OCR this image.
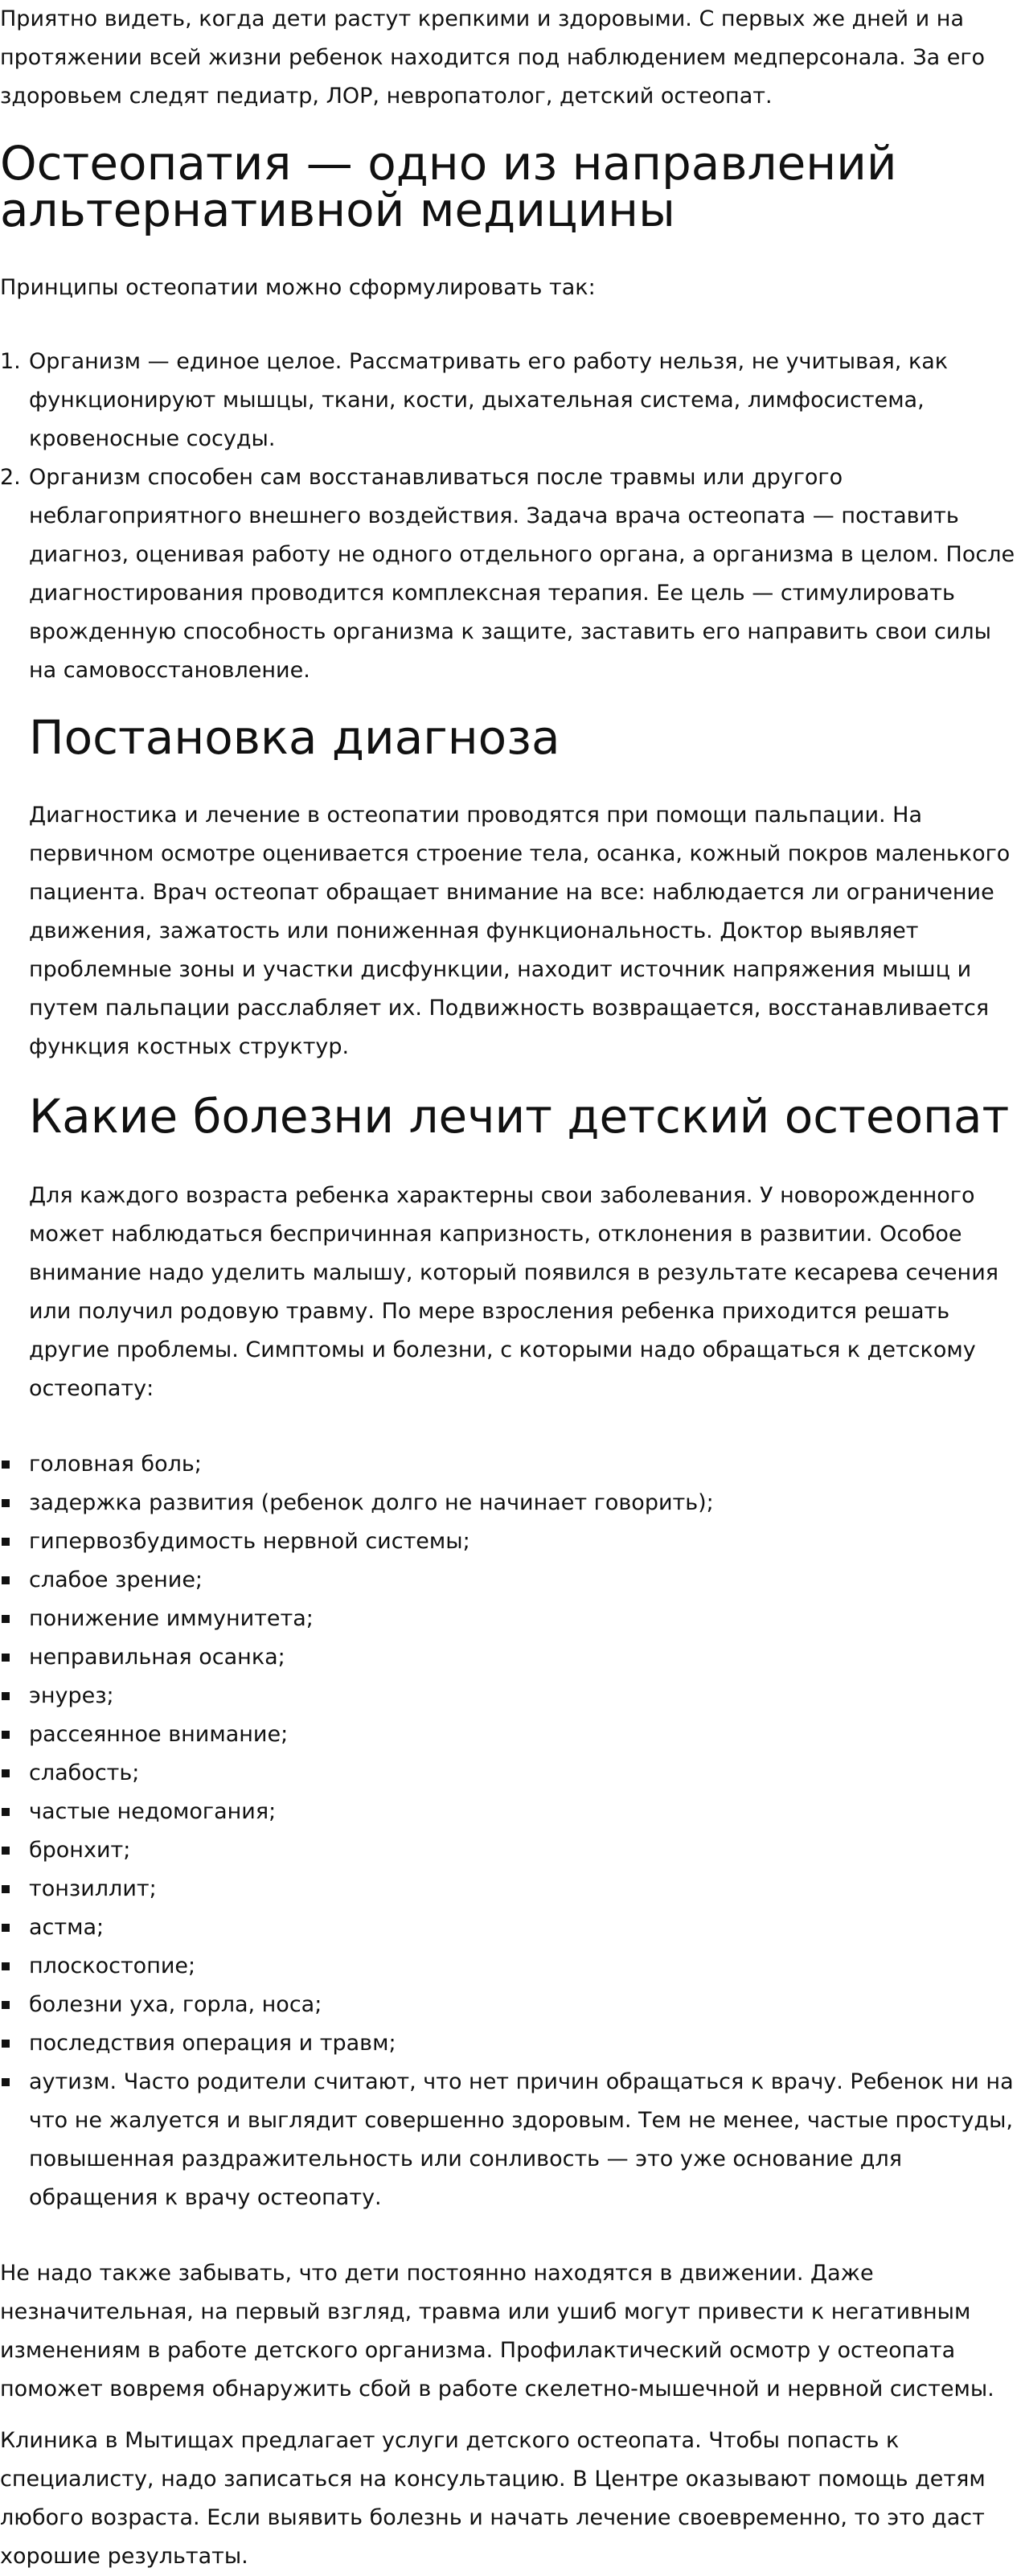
Приятно видеть, когда дети растут крепкими и здоровыми. С первых же дней и на протяжении всей жизни ребенок находится под наблюдением медперсонала. За его здоровьем следят педиатр, ЛОР, невропатолог, детский остеопат.

Остеопатия — одно из направлений альтернативной медицины

Принципы остеопатии можно сформулировать так:

1. Организм — единое целое. Рассматривать его работу нельзя, не учитывая, как функционируют мышцы, ткани, кости, дыхательная система, лимфосистема, кровеносные сосуды.
2. Организм способен сам восстанавливаться после травмы или другого неблагоприятного внешнего воздействия. Задача врача остеопата — поставить диагноз, оценивая работу не одного отдельного органа, а организма в целом. После диагностирования проводится комплексная терапия. Ее цель — стимулировать врожденную способность организма к защите, заставить его направить свои силы на самовосстановление.
Постановка диагноза

Диагностика и лечение в остеопатии проводятся при помощи пальпации. На первичном осмотре оценивается строение тела, осанка, кожный покров маленького пациента. Врач остеопат обращает внимание на все: наблюдается ли ограничение движения, зажатость или пониженная функциональность. Доктор выявляет проблемные зоны и участки дисфункции, находит источник напряжения мышц и путем пальпации расслабляет их. Подвижность возвращается, восстанавливается функция костных структур.

Какие болезни лечит детский остеопат

Для каждого возраста ребенка характерны свои заболевания. У новорожденного может наблюдаться беспричинная капризность, отклонения в развитии. Особое внимание надо уделить малышу, который появился в результате кесарева сечения или получил родовую травму. По мере взросления ребенка приходится решать другие проблемы. Симптомы и болезни, с которыми надо обращаться к детскому остеопату:

головная боль;
задержка развития (ребенок долго не начинает говорить);
гипервозбудимость нервной системы;
слабое зрение;
понижение иммунитета;
неправильная осанка;
энурез;
рассеянное внимание;
слабость;
частые недомогания;
бронхит;
тонзиллит;
астма;
плоскостопие;
болезни уха, горла, носа;
последствия операция и травм;
аутизм. Часто родители считают, что нет причин обращаться к врачу. Ребенок ни на что не жалуется и выглядит совершенно здоровым. Тем не менее, частые простуды, повышенная раздражительность или сонливость — это уже основание для обращения к врачу остеопату.

Не надо также забывать, что дети постоянно находятся в движении. Даже незначительная, на первый взгляд, травма или ушиб могут привести к негативным изменениям в работе детского организма. Профилактический осмотр у остеопата поможет вовремя обнаружить сбой в работе скелетно-мышечной и нервной системы.

Клиника в Мытищах предлагает услуги детского остеопата. Чтобы попасть к специалисту, надо записаться на консультацию. В Центре оказывают помощь детям любого возраста. Если выявить болезнь и начать лечение своевременно, то это даст хорошие результаты.
